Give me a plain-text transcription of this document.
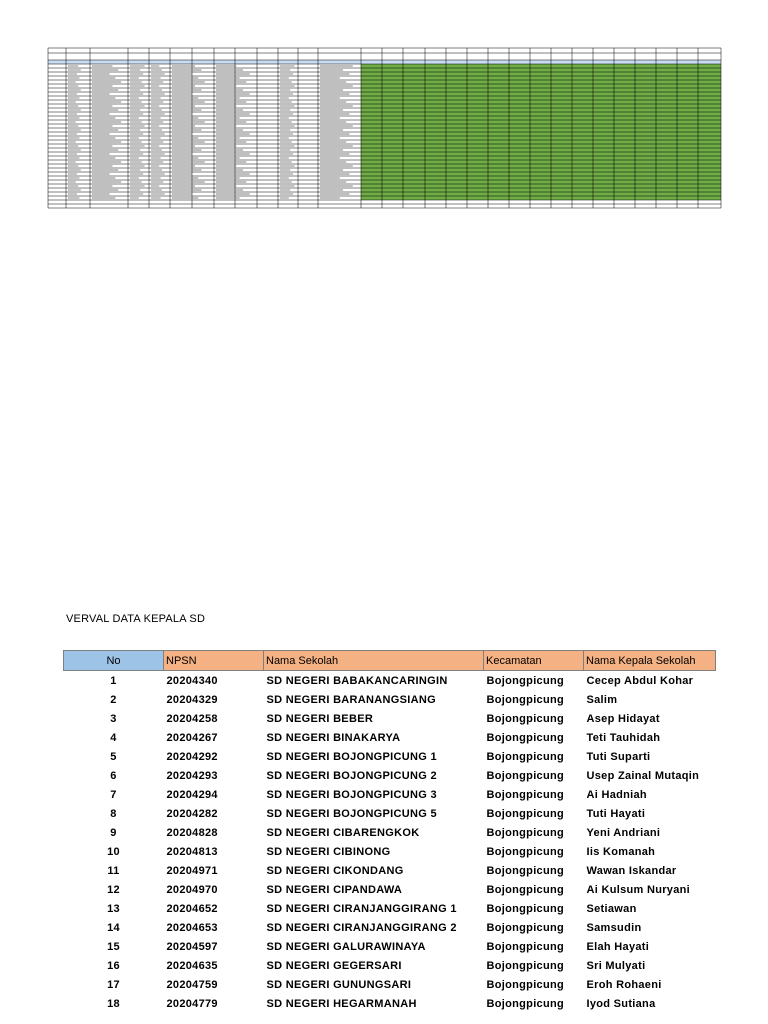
VERVAL DATA KEPALA SD
No	NPSN	Nama Sekolah	Kecamatan	Nama Kepala Sekolah
1	20204340	SD NEGERI BABAKANCARINGIN	Bojongpicung	Cecep Abdul Kohar
2	20204329	SD NEGERI BARANANGSIANG	Bojongpicung	Salim
3	20204258	SD NEGERI BEBER	Bojongpicung	Asep Hidayat
4	20204267	SD NEGERI BINAKARYA	Bojongpicung	Teti Tauhidah
5	20204292	SD NEGERI BOJONGPICUNG 1	Bojongpicung	Tuti Suparti
6	20204293	SD NEGERI BOJONGPICUNG 2	Bojongpicung	Usep Zainal Mutaqin
7	20204294	SD NEGERI BOJONGPICUNG 3	Bojongpicung	Ai Hadniah
8	20204282	SD NEGERI BOJONGPICUNG 5	Bojongpicung	Tuti Hayati
9	20204828	SD NEGERI CIBARENGKOK	Bojongpicung	Yeni Andriani
10	20204813	SD NEGERI CIBINONG	Bojongpicung	Iis Komanah
11	20204971	SD NEGERI CIKONDANG	Bojongpicung	Wawan Iskandar
12	20204970	SD NEGERI CIPANDAWA	Bojongpicung	Ai Kulsum Nuryani
13	20204652	SD NEGERI CIRANJANGGIRANG 1	Bojongpicung	Setiawan
14	20204653	SD NEGERI CIRANJANGGIRANG 2	Bojongpicung	Samsudin
15	20204597	SD NEGERI GALURAWINAYA	Bojongpicung	Elah Hayati
16	20204635	SD NEGERI GEGERSARI	Bojongpicung	Sri Mulyati
17	20204759	SD NEGERI GUNUNGSARI	Bojongpicung	Eroh Rohaeni
18	20204779	SD NEGERI HEGARMANAH	Bojongpicung	Iyod Sutiana
